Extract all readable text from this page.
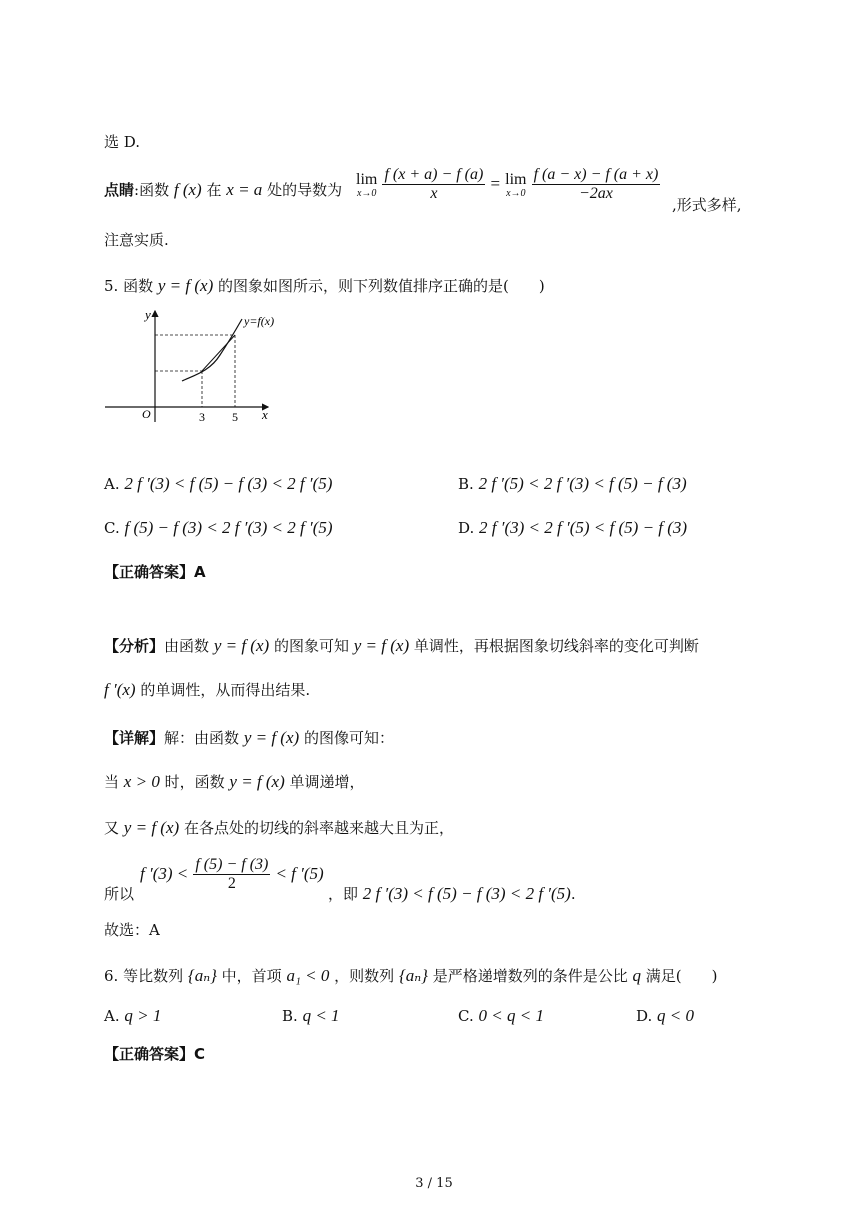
选 D.
点睛:函数 f (x) 在 x = a 处的导数为
lim
x→0
$\frac{f (x + a) - f (a)}{x} = \lim$
x→0
$\frac{f (a - x) - f (a + x)}{-2ax}$
,形式多样,
注意实质.
5. 函数 y = f (x) 的图象如图所示，则下列数值排序正确的是(　　)
y
x
O	3 5
y=f(x)
A. 2 f ′(3) < f (5) − f (3) < 2 f ′(5)	B. 2 f ′(5) < 2 f ′(3) < f (5) − f (3)
C. f (5) − f (3) < 2 f ′(3) < 2 f ′(5)	D. 2 f ′(3) < 2 f ′(5) < f (5) − f (3)
【正确答案】A
【分析】由函数 y = f (x) 的图象可知 y = f (x) 单调性，再根据图象切线斜率的变化可判断
f ′(x) 的单调性，从而得出结果.
【详解】解：由函数 y = f (x) 的图像可知：
当 x > 0 时，函数 y = f (x) 单调递增，
又 y = f (x) 在各点处的切线的斜率越来越大且为正，
所以
f $'(3) < \frac{f (5) - f (3)}{2} < f$ ′(5)
，即 2 f ′(3) < f (5) − f (3) < 2 f ′(5).
故选：A
6. 等比数列 {aₙ} 中，首项 a₁ < 0 ，则数列 {aₙ} 是严格递增数列的条件是公比 q 满足(　　)
A. q > 1	B. q < 1	C. 0 < q < 1	D. q < 0
【正确答案】C
3 / 15
